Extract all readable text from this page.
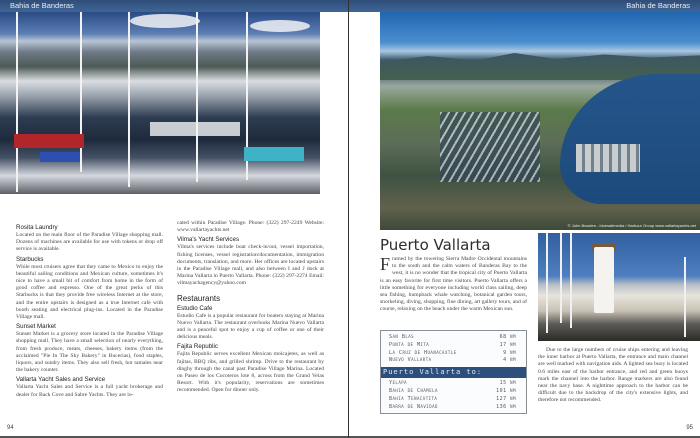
Bahia de Banderas	Bahia de Banderas
Rosita Laundry

Located on the main floor of the Paradise Village shopping mall. Dozens of machines are available for use with tokens or drop off service is available.

Starbucks

While most cruisers agree that they came to Mexico to enjoy the beautiful sailing conditions and Mexican culture, sometimes it's nice to have a small bit of comfort from home in the form of good coffee and espresso. One of the great perks of this Starbucks is that they provide free wireless Internet at the store, and the entire upstairs is designed as a true Internet cafe with booth seating and electrical plug-ins. Located in the Paradise Village mall.

Sunset Market

Sunset Market is a grocery store located in the Paradise Village shopping mall. They have a small selection of nearly everything, from fresh produce, meats, cheeses, bakery items (from the acclaimed "Pie In The Sky Bakery" in Bucerias), food staples, liquors, and sundry items. They also sell fresh, hot tamales near the bakery counter.

Vallarta Yacht Sales and Service

Vallarta Yacht Sales and Service is a full yacht brokerage and dealer for Back Cove and Sabre Yachts. They are lo-

cated within Paradise Village. Phone: (322) 297-2249 Website: www.vallartayachts.net

Vilma's Yacht Services

Vilma's services include boat check-in/out, vessel importation, fishing licenses, vessel registration/documentation, immigration documents, translation, and more. Her offices are located upstairs in the Paradise Village mall, and also between I and J dock at Marina Vallarta in Puerto Vallarta. Phone: (322) 297-2274 Email: vilmayachagency@yahoo.com

Restaurants
Estudio Cafe

Estudio Cafe is a popular restaurant for boaters staying at Marina Nuevo Vallarta. The restaurant overlooks Marina Nuevo Vallarta and is a peaceful spot to enjoy a cup of coffee or one of their delicious meals.

Fajita Republic

Fajita Republic serves excellent Mexican molcajetes, as well as fajitas, BBQ ribs, and grilled shrimp. Drive to the restaurant by dinghy through the canal past Paradise Village Marina. Located on Paseo de los Cocoteros lote 8, across from the Grand Velas Resort. With it's popularity, reservations are sometimes recommended. Open for dinner only.

94
© John Bowden - bluesaltmedia / Harbour Group www.vallartayachts.net
Puerto Vallarta
F ramed by the towering Sierra Madre Occidental mountains to the south and the calm waters of Banderas Bay to the west, it is no wonder that the tropical city of Puerto Vallarta is an easy favorite for first time visitors. Puerto Vallarta offers a little something for everyone including world class sailing, deep sea fishing, humpback whale watching, botanical garden tours, snorkeling, diving, shopping, fine dining, art gallery tours, and of course, relaxing on the beach under the warm Mexican sun.
San Blas	68 nm
Punta de Mita	17 nm
La Cruz de Huanacaxtle	9 nm
Nuevo Vallarta	4 nm
Puerto Vallarta to:
Yelapa	15 nm
Bahia de Chamela	101 nm
Bahia Tenacatita	127 nm
Barra de Navidad	136 nm
Due to the large numbers of cruise ships entering and leaving the inner harbor at Puerto Vallarta, the entrance and main channel are well marked with navigation aids. A lighted sea buoy is located 0.6 miles east of the harbor entrance, and red and green buoys mark the channel into the harbor. Range markers are also found near the navy base. A nighttime approach to the harbor can be difficult due to the backdrop of the city's extensive lights, and therefore not recommended.
95
